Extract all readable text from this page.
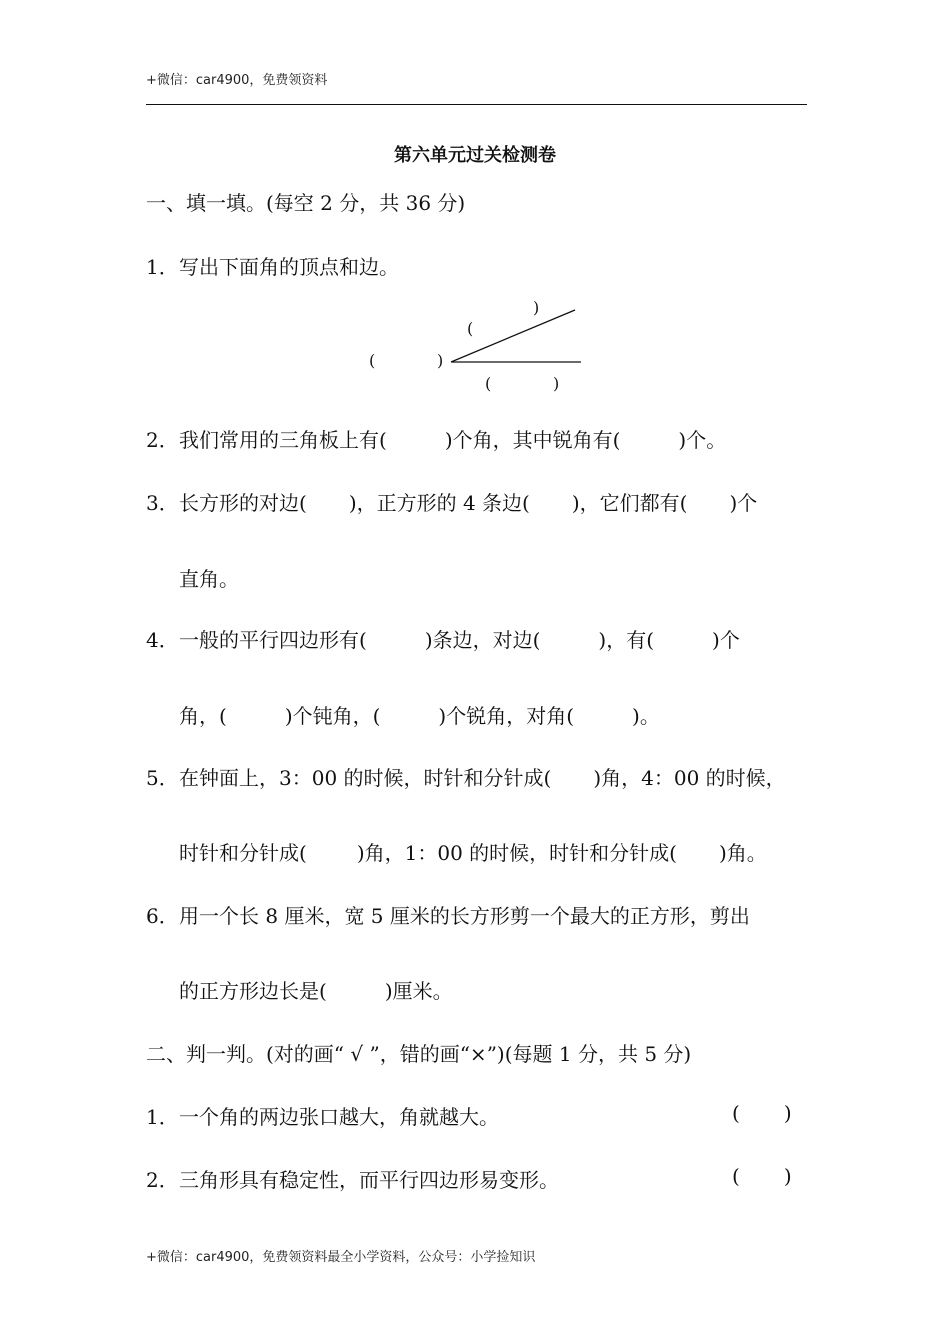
+微信：car4900，免费领资料
第六单元过关检测卷
一、填一填。(每空 2 分，共 36 分)
1．写出下面角的顶点和边。
)
(
(	)
(	)
2．我们常用的三角板上有(	)个角，其中锐角有(	)个。
3．长方形的对边( )，正方形的 4 条边( )，它们都有( )个
直角。
4．一般的平行四边形有(	)条边，对边(	)，有(	)个
角，(	)个钝角，(	)个锐角，对角(	)。
5．在钟面上，3：00 的时候，时针和分针成( )角，4：00 的时候，
时针和分针成(	)角，1：00 的时候，时针和分针成( )角。
6．用一个长 8 厘米，宽 5 厘米的长方形剪一个最大的正方形，剪出
的正方形边长是(	)厘米。
二、判一判。(对的画“ √ ”，错的画“×”)(每题 1 分，共 5 分)
1．一个角的两边张口越大，角就越大。	( )
2．三角形具有稳定性，而平行四边形易变形。	( )
+微信：car4900，免费领资料最全小学资料，公众号：小学捡知识
